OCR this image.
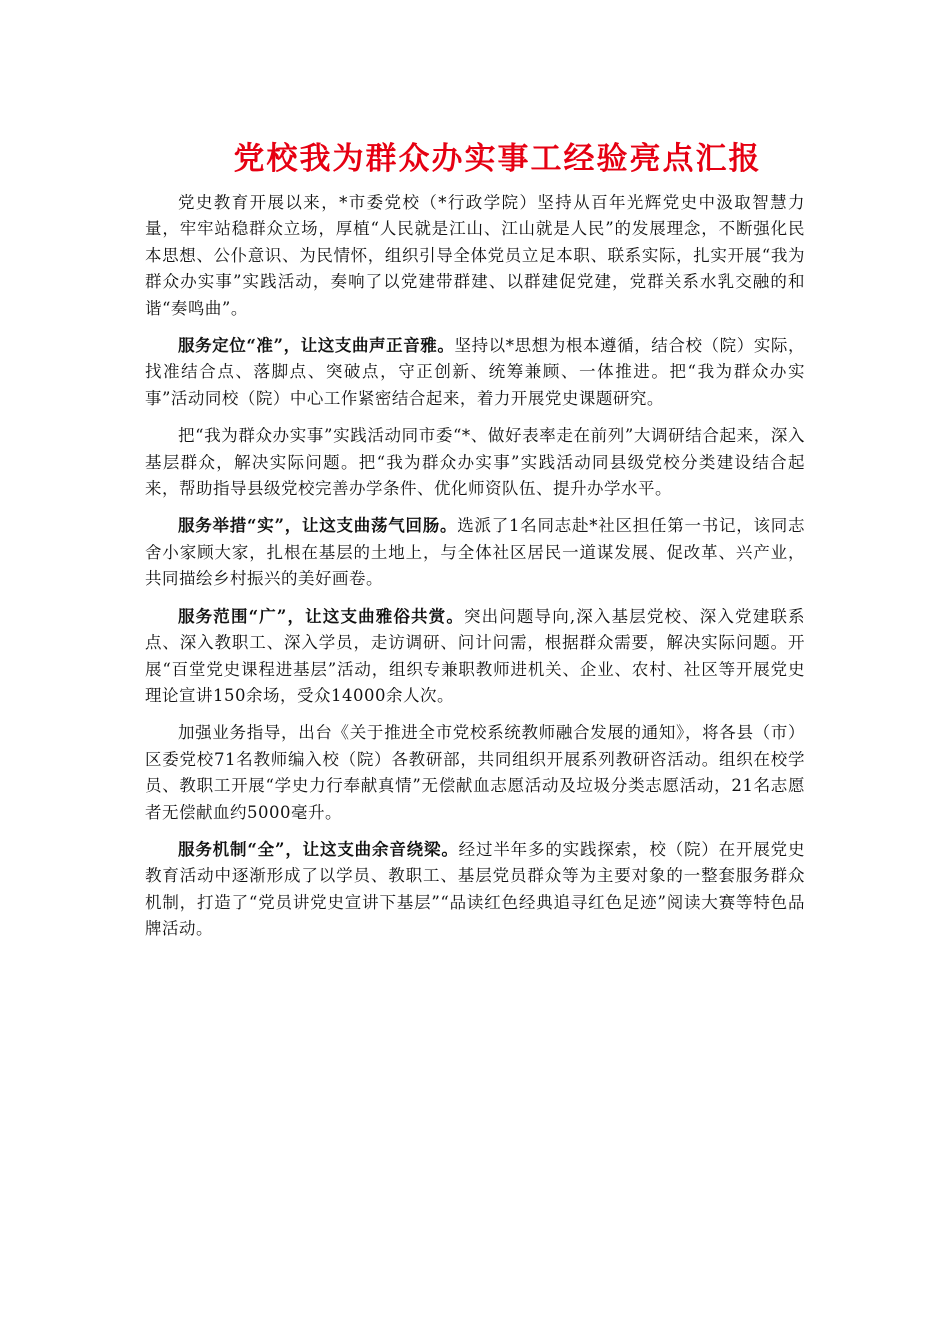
党校我为群众办实事工经验亮点汇报

党史教育开展以来，*市委党校（*行政学院）坚持从百年光辉党史中汲取智慧力量，牢牢站稳群众立场，厚植“人民就是江山、江山就是人民”的发展理念，不断强化民本思想、公仆意识、为民情怀，组织引导全体党员立足本职、联系实际，扎实开展“我为群众办实事”实践活动，奏响了以党建带群建、以群建促党建，党群关系水乳交融的和谐“奏鸣曲”。

服务定位“准”，让这支曲声正音雅。坚持以*思想为根本遵循，结合校（院）实际，找准结合点、落脚点、突破点，守正创新、统筹兼顾、一体推进。把“我为群众办实事”活动同校（院）中心工作紧密结合起来，着力开展党史课题研究。

把“我为群众办实事”实践活动同市委“*、做好表率走在前列”大调研结合起来，深入基层群众，解决实际问题。把“我为群众办实事”实践活动同县级党校分类建设结合起来，帮助指导县级党校完善办学条件、优化师资队伍、提升办学水平。

服务举措“实”，让这支曲荡气回肠。选派了1名同志赴*社区担任第一书记，该同志舍小家顾大家，扎根在基层的土地上，与全体社区居民一道谋发展、促改革、兴产业，共同描绘乡村振兴的美好画卷。

服务范围“广”，让这支曲雅俗共赏。突出问题导向,深入基层党校、深入党建联系点、深入教职工、深入学员，走访调研、问计问需，根据群众需要，解决实际问题。开展“百堂党史课程进基层”活动，组织专兼职教师进机关、企业、农村、社区等开展党史理论宣讲150余场，受众14000余人次。

加强业务指导，出台《关于推进全市党校系统教师融合发展的通知》，将各县（市）区委党校71名教师编入校（院）各教研部，共同组织开展系列教研咨活动。组织在校学员、教职工开展“学史力行奉献真情”无偿献血志愿活动及垃圾分类志愿活动，21名志愿者无偿献血约5000毫升。

服务机制“全”，让这支曲余音绕梁。经过半年多的实践探索，校（院）在开展党史教育活动中逐渐形成了以学员、教职工、基层党员群众等为主要对象的一整套服务群众机制，打造了“党员讲党史宣讲下基层”“品读红色经典追寻红色足迹”阅读大赛等特色品牌活动。
